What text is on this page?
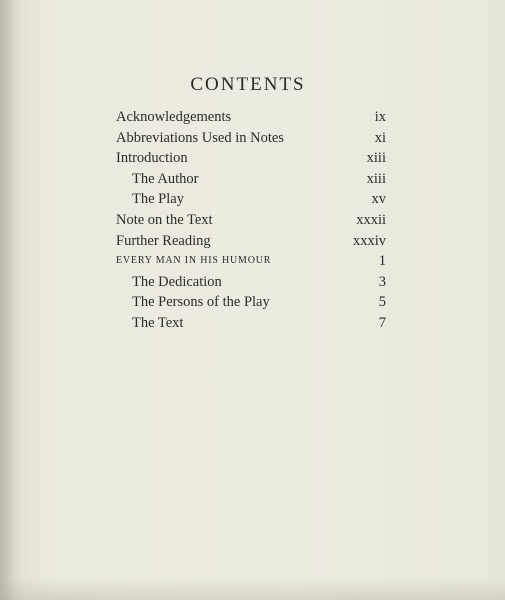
CONTENTS
Acknowledgements	ix
Abbreviations Used in Notes	xi
Introduction	xiii
The Author	xiii
The Play	xv
Note on the Text	xxxii
Further Reading	xxxiv
EVERY MAN IN HIS HUMOUR	1
The Dedication	3
The Persons of the Play	5
The Text	7
